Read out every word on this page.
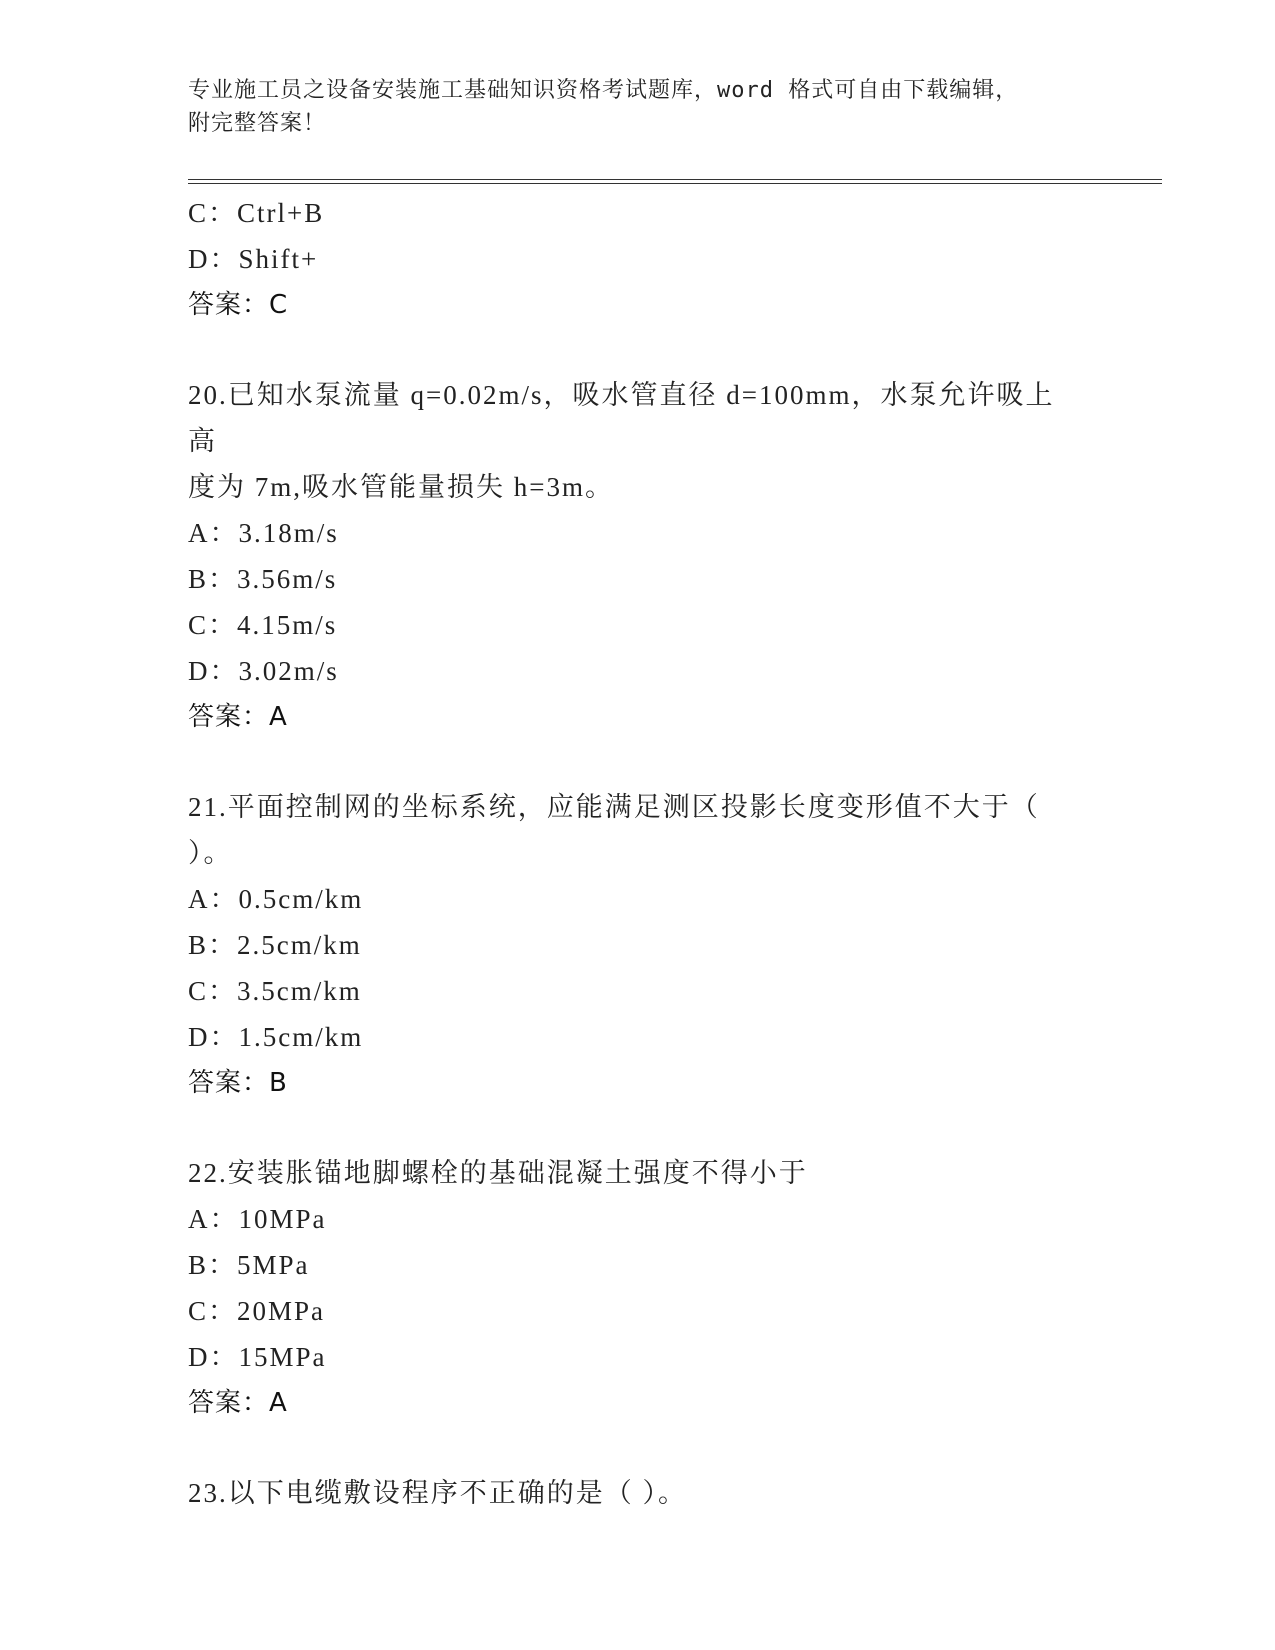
专业施工员之设备安装施工基础知识资格考试题库，word 格式可自由下载编辑，
附完整答案！
C：Ctrl+B
D：Shift+
答案：C
20.已知水泵流量 q=0.02m/s，吸水管直径 d=100mm，水泵允许吸上高
度为 7m,吸水管能量损失 h=3m。
A：3.18m/s
B：3.56m/s
C：4.15m/s
D：3.02m/s
答案：A
21.平面控制网的坐标系统，应能满足测区投影长度变形值不大于（
）。
A：0.5cm/km
B：2.5cm/km
C：3.5cm/km
D：1.5cm/km
答案：B
22.安装胀锚地脚螺栓的基础混凝土强度不得小于
A：10MPa
B：5MPa
C：20MPa
D：15MPa
答案：A
23.以下电缆敷设程序不正确的是（ ）。
